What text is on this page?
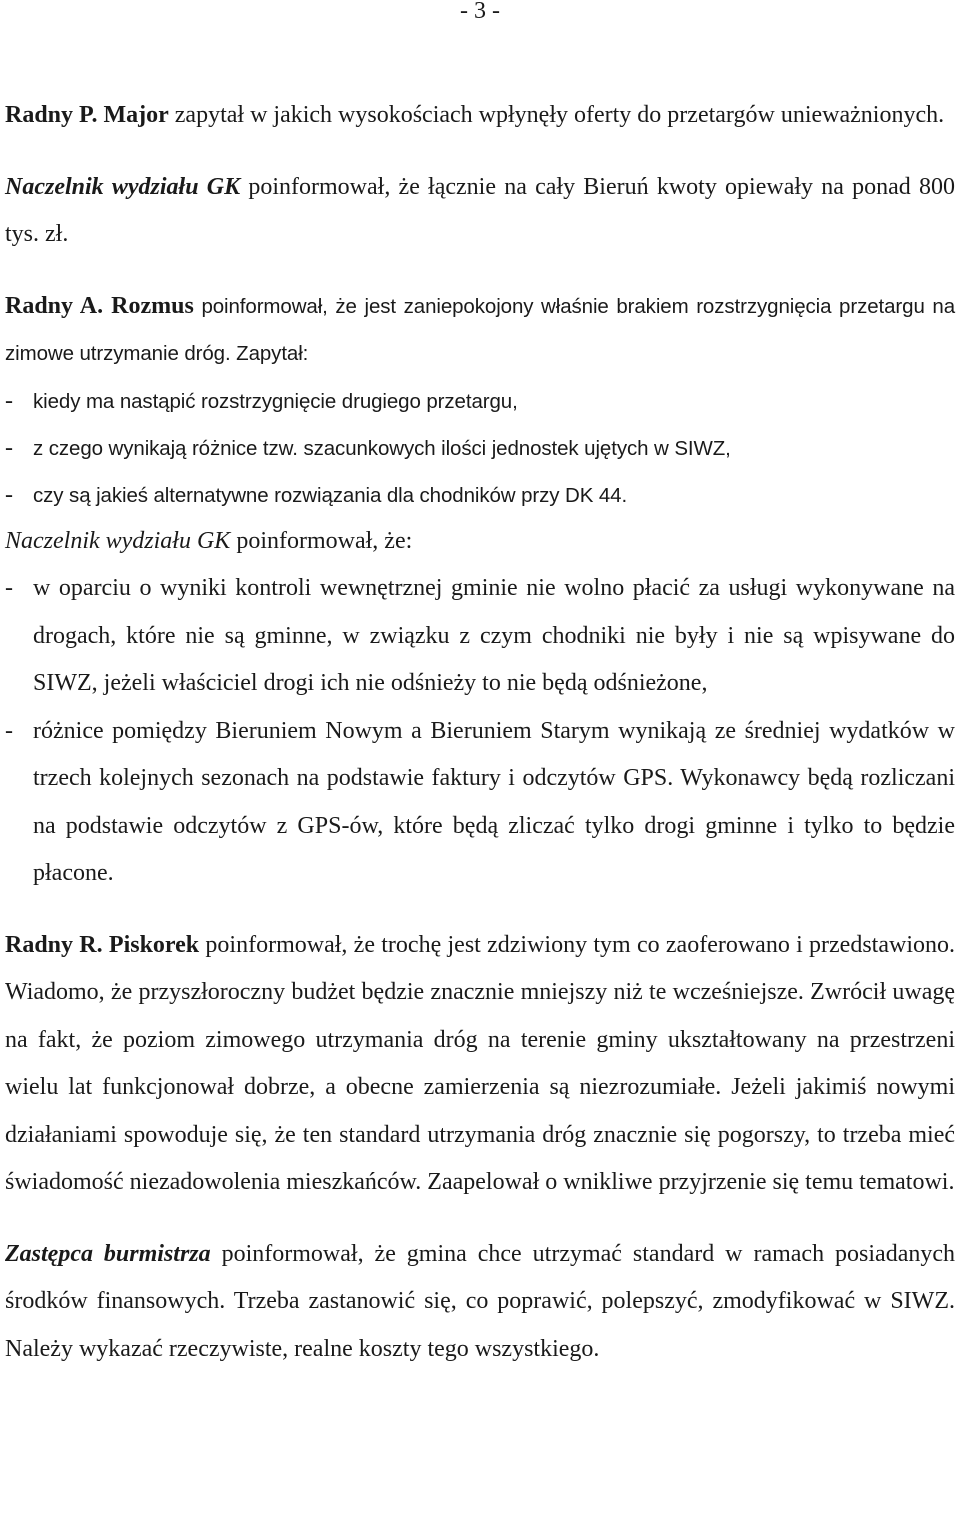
- 3 -

Radny P. Major zapytał w jakich wysokościach wpłynęły oferty do przetargów unieważnionych.

Naczelnik wydziału GK poinformował, że łącznie na cały Bieruń kwoty opiewały na ponad 800 tys. zł.

Radny A. Rozmus poinformował, że jest zaniepokojony właśnie brakiem rozstrzygnięcia przetargu na zimowe utrzymanie dróg. Zapytał:

- kiedy ma nastąpić rozstrzygnięcie drugiego przetargu,
- z czego wynikają różnice tzw. szacunkowych ilości jednostek ujętych w SIWZ,
- czy są jakieś alternatywne rozwiązania dla chodników przy DK 44.

Naczelnik wydziału GK poinformował, że:

- w oparciu o wyniki kontroli wewnętrznej gminie nie wolno płacić za usługi wykonywane na drogach, które nie są gminne, w związku z czym chodniki nie były i nie są wpisywane do SIWZ, jeżeli właściciel drogi ich nie odśnieży to nie będą odśnieżone,
- różnice pomiędzy Bieruniem Nowym a Bieruniem Starym wynikają ze średniej wydatków w trzech kolejnych sezonach na podstawie faktury i odczytów GPS. Wykonawcy będą rozliczani na podstawie odczytów z GPS-ów, które będą zliczać tylko drogi gminne i tylko to będzie płacone.

Radny R. Piskorek poinformował, że trochę jest zdziwiony tym co zaoferowano i przedstawiono. Wiadomo, że przyszłoroczny budżet będzie znacznie mniejszy niż te wcześniejsze. Zwrócił uwagę na fakt, że poziom zimowego utrzymania dróg na terenie gminy ukształtowany na przestrzeni wielu lat funkcjonował dobrze, a obecne zamierzenia są niezrozumiałe. Jeżeli jakimiś nowymi działaniami spowoduje się, że ten standard utrzymania dróg znacznie się pogorszy, to trzeba mieć świadomość niezadowolenia mieszkańców. Zaapelował o wnikliwe przyjrzenie się temu tematowi.

Zastępca burmistrza poinformował, że gmina chce utrzymać standard w ramach posiadanych środków finansowych. Trzeba zastanowić się, co poprawić, polepszyć, zmodyfikować w SIWZ. Należy wykazać rzeczywiste, realne koszty tego wszystkiego.
